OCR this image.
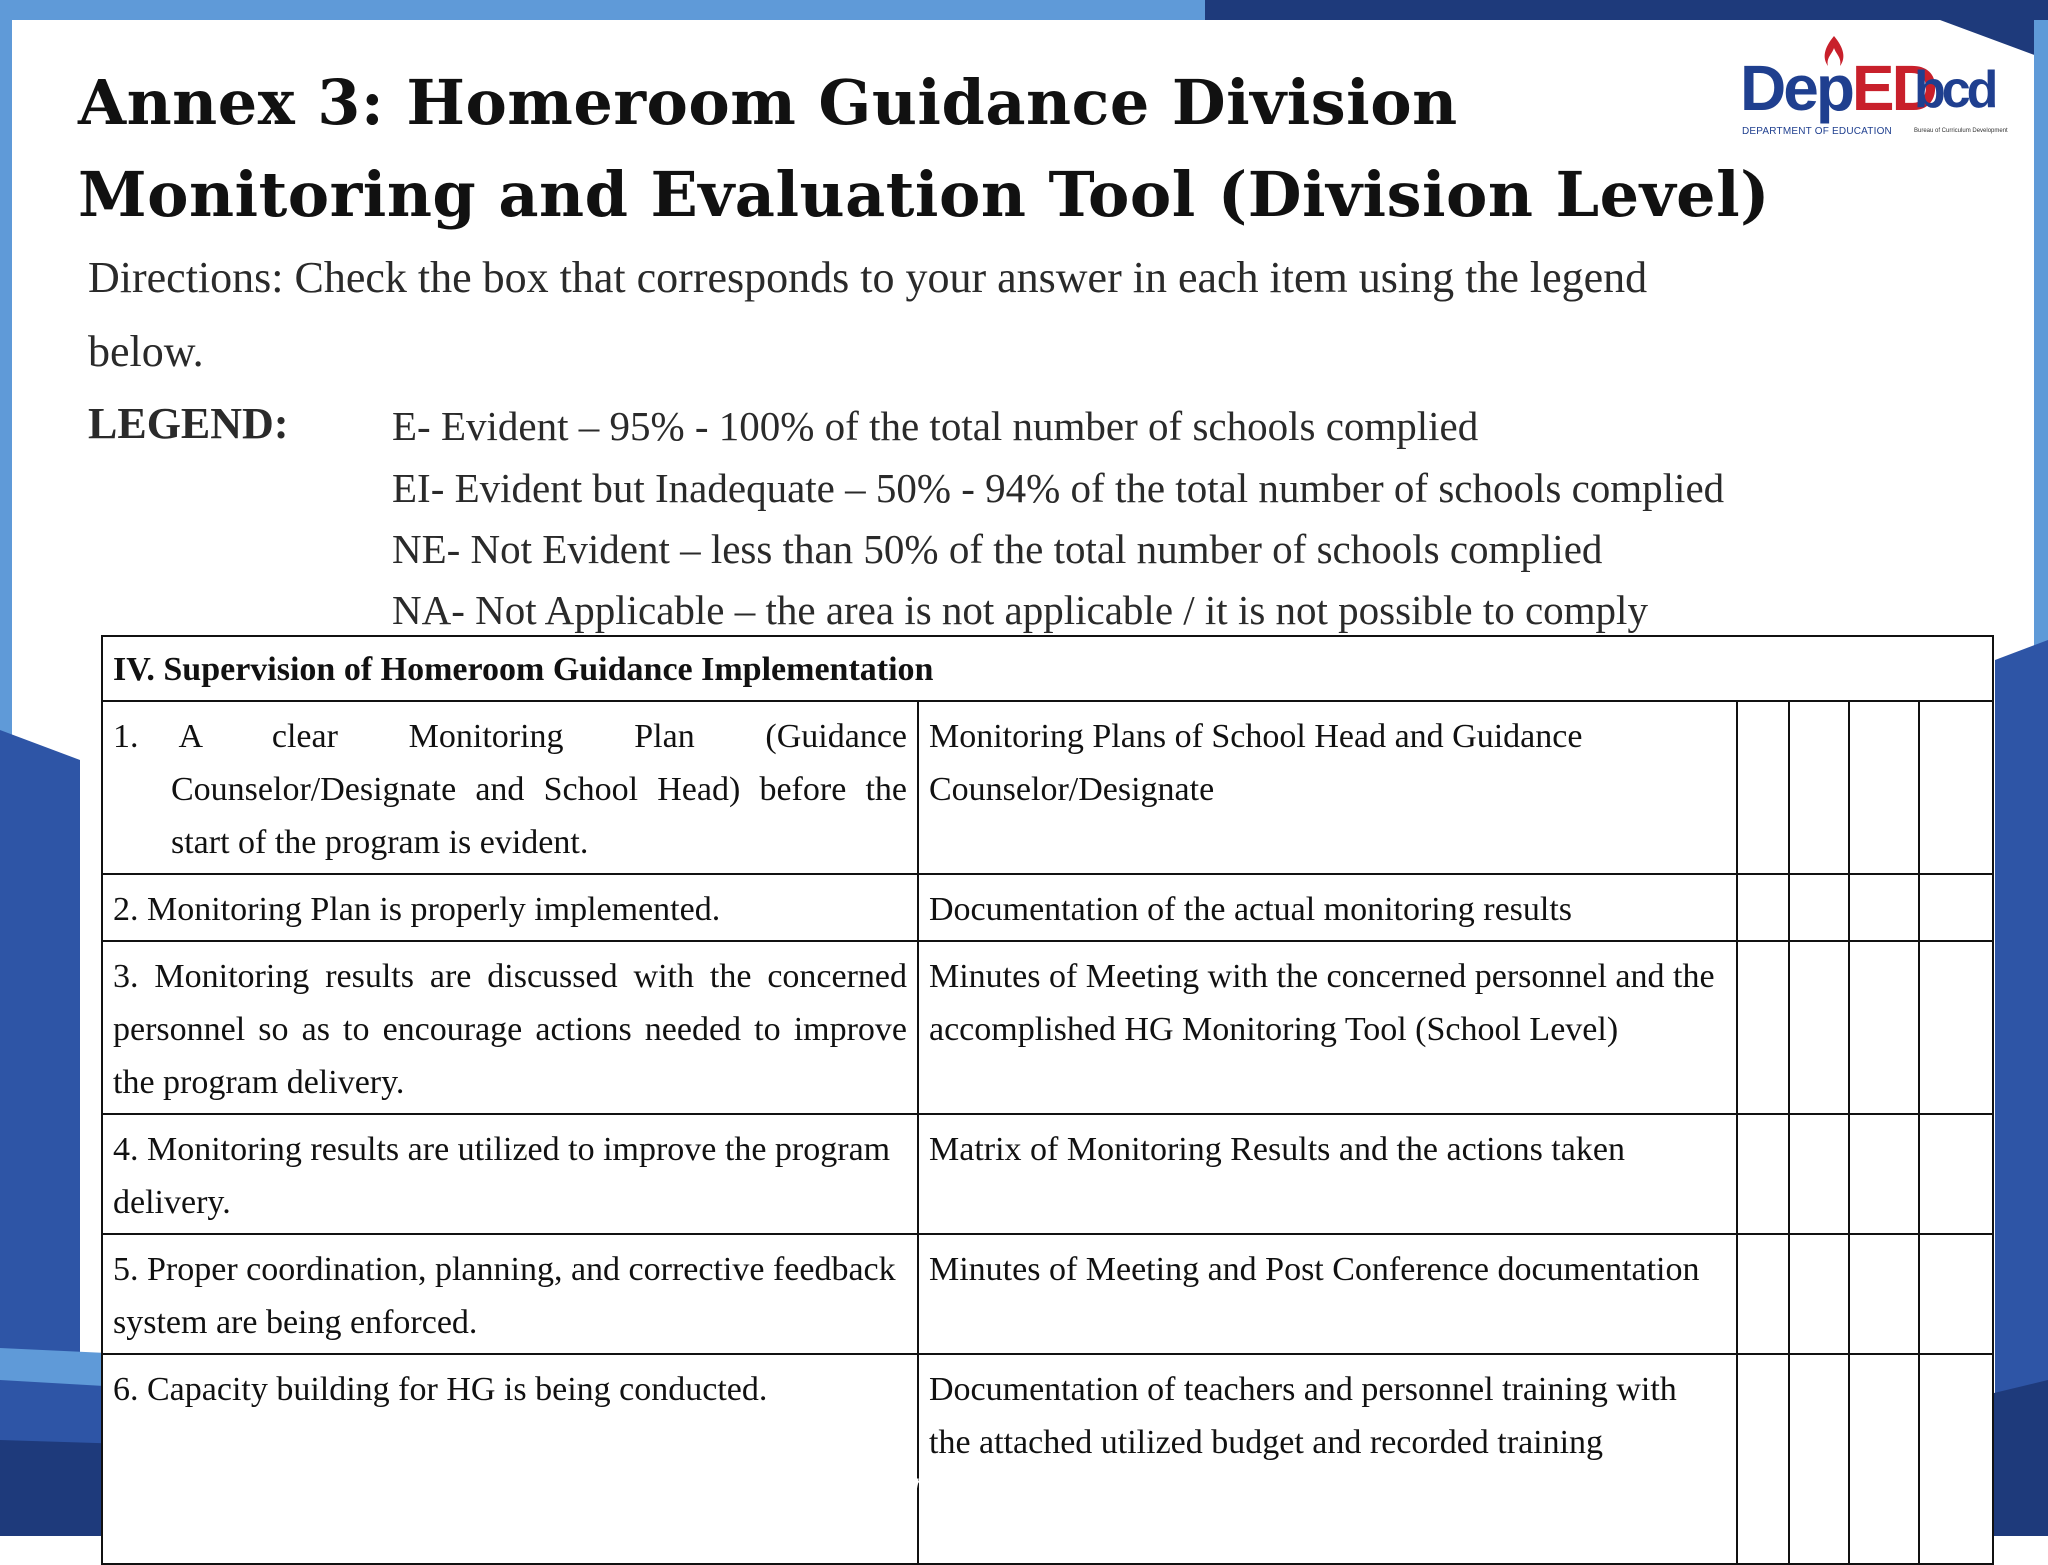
Annex 3: Homeroom Guidance Division
Monitoring and Evaluation Tool (Division Level)
DepED
DEPARTMENT OF EDUCATION
bcd
Bureau of Curriculum Development
Directions: Check the box that corresponds to your answer in each item using the legend
below.
LEGEND:	E- Evident – 95% - 100% of the total number of schools complied
EI- Evident but Inadequate – 50% - 94% of the total number of schools complied
NE- Not Evident – less than 50% of the total number of schools complied
NA- Not Applicable – the area is not applicable / it is not possible to comply
IV. Supervision of Homeroom Guidance Implementation					

1. A clear Monitoring Plan (Guidance Counselor/Designate and School Head) before the start of the program is evident.	Monitoring Plans of School Head and Guidance Counselor/Designate				
2. Monitoring Plan is properly implemented.	Documentation of the actual monitoring results				

3. Monitoring results are discussed with the concerned personnel so as to encourage actions needed to improve the program delivery.	Minutes of Meeting with the concerned personnel and the accomplished HG Monitoring Tool (School Level)				
4. Monitoring results are utilized to improve the program delivery.	Matrix of Monitoring Results and the actions taken				
5. Proper coordination, planning, and corrective feedback system are being enforced.	Minutes of Meeting and Post Conference documentation				
6. Capacity building for HG is being conducted.	Documentation of teachers and personnel training with the attached utilized budget and recorded training				
Professionalism Integrity Excellence Service
